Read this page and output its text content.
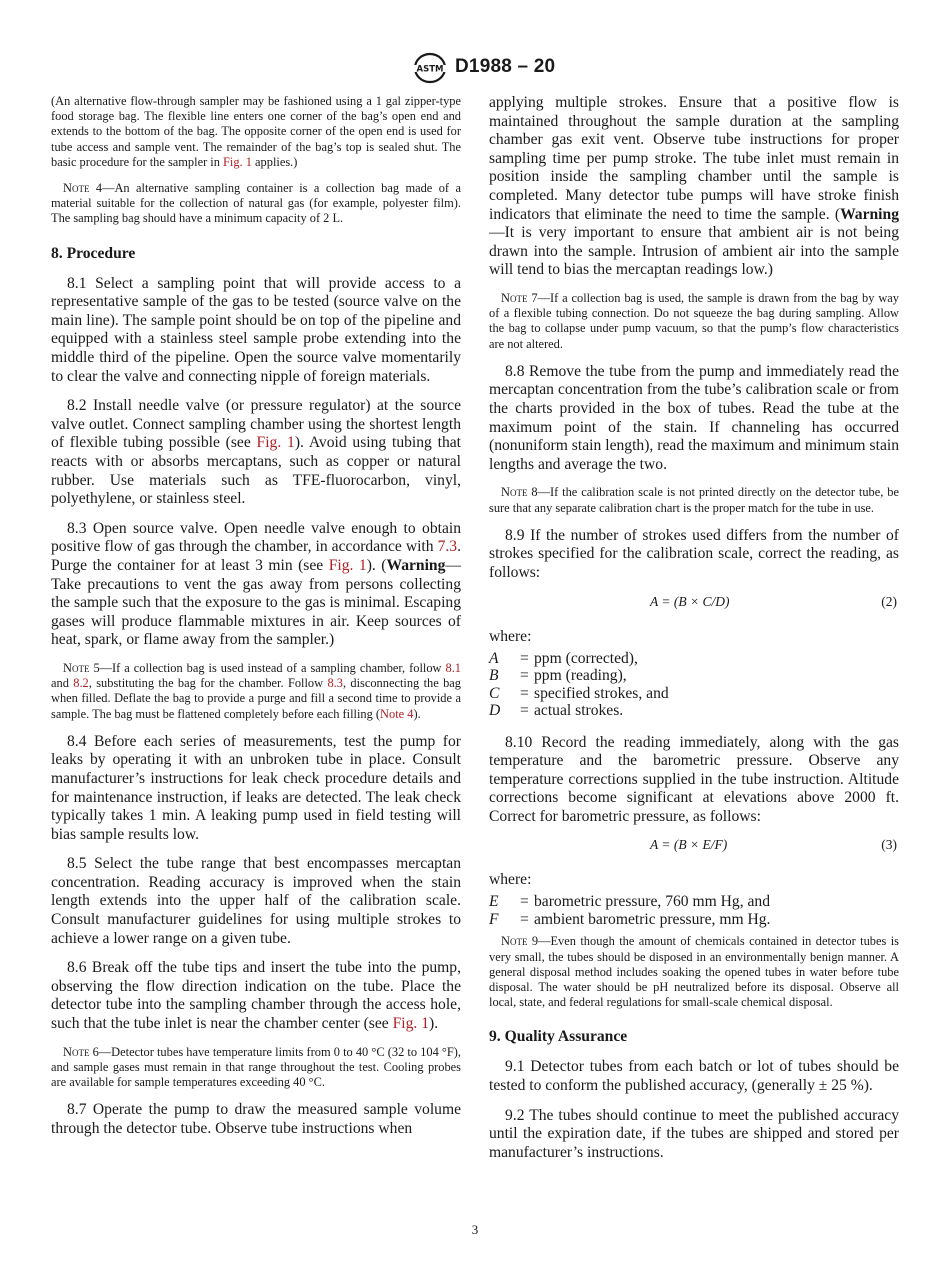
ASTM D1988 – 20

(An alternative flow-through sampler may be fashioned using a 1 gal zipper-type food storage bag. The flexible line enters one corner of the bag’s open end and extends to the bottom of the bag. The opposite corner of the open end is used for tube access and sample vent. The remainder of the bag’s top is sealed shut. The basic procedure for the sampler in Fig. 1 applies.)

Note 4—An alternative sampling container is a collection bag made of a material suitable for the collection of natural gas (for example, polyester film). The sampling bag should have a minimum capacity of 2 L.

8. Procedure

8.1 Select a sampling point that will provide access to a representative sample of the gas to be tested (source valve on the main line). The sample point should be on top of the pipeline and equipped with a stainless steel sample probe extending into the middle third of the pipeline. Open the source valve momentarily to clear the valve and connecting nipple of foreign materials.

8.2 Install needle valve (or pressure regulator) at the source valve outlet. Connect sampling chamber using the shortest length of flexible tubing possible (see Fig. 1). Avoid using tubing that reacts with or absorbs mercaptans, such as copper or natural rubber. Use materials such as TFE-fluorocarbon, vinyl, polyethylene, or stainless steel.

8.3 Open source valve. Open needle valve enough to obtain positive flow of gas through the chamber, in accordance with 7.3. Purge the container for at least 3 min (see Fig. 1). (Warning—Take precautions to vent the gas away from persons collecting the sample such that the exposure to the gas is minimal. Escaping gases will produce flammable mixtures in air. Keep sources of heat, spark, or flame away from the sampler.)

Note 5—If a collection bag is used instead of a sampling chamber, follow 8.1 and 8.2, substituting the bag for the chamber. Follow 8.3, disconnecting the bag when filled. Deflate the bag to provide a purge and fill a second time to provide a sample. The bag must be flattened completely before each filling (Note 4).

8.4 Before each series of measurements, test the pump for leaks by operating it with an unbroken tube in place. Consult manufacturer’s instructions for leak check procedure details and for maintenance instruction, if leaks are detected. The leak check typically takes 1 min. A leaking pump used in field testing will bias sample results low.

8.5 Select the tube range that best encompasses mercaptan concentration. Reading accuracy is improved when the stain length extends into the upper half of the calibration scale. Consult manufacturer guidelines for using multiple strokes to achieve a lower range on a given tube.

8.6 Break off the tube tips and insert the tube into the pump, observing the flow direction indication on the tube. Place the detector tube into the sampling chamber through the access hole, such that the tube inlet is near the chamber center (see Fig. 1).

Note 6—Detector tubes have temperature limits from 0 to 40 °C (32 to 104 °F), and sample gases must remain in that range throughout the test. Cooling probes are available for sample temperatures exceeding 40 °C.

8.7 Operate the pump to draw the measured sample volume through the detector tube. Observe tube instructions when

applying multiple strokes. Ensure that a positive flow is maintained throughout the sample duration at the sampling chamber gas exit vent. Observe tube instructions for proper sampling time per pump stroke. The tube inlet must remain in position inside the sampling chamber until the sample is completed. Many detector tube pumps will have stroke finish indicators that eliminate the need to time the sample. (Warning—It is very important to ensure that ambient air is not being drawn into the sample. Intrusion of ambient air into the sample will tend to bias the mercaptan readings low.)

Note 7—If a collection bag is used, the sample is drawn from the bag by way of a flexible tubing connection. Do not squeeze the bag during sampling. Allow the bag to collapse under pump vacuum, so that the pump’s flow characteristics are not altered.

8.8 Remove the tube from the pump and immediately read the mercaptan concentration from the tube’s calibration scale or from the charts provided in the box of tubes. Read the tube at the maximum point of the stain. If channeling has occurred (nonuniform stain length), read the maximum and minimum stain lengths and average the two.

Note 8—If the calibration scale is not printed directly on the detector tube, be sure that any separate calibration chart is the proper match for the tube in use.

8.9 If the number of strokes used differs from the number of strokes specified for the calibration scale, correct the reading, as follows:

A = (B × C/D)	(2)
where:
A	= ppm (corrected),
B	= ppm (reading),
C	= specified strokes, and
D	= actual strokes.

8.10 Record the reading immediately, along with the gas temperature and the barometric pressure. Observe any temperature corrections supplied in the tube instruction. Altitude corrections become significant at elevations above 2000 ft. Correct for barometric pressure, as follows:

A = (B × E/F)	(3)
where:
E	= barometric pressure, 760 mm Hg, and
F	= ambient barometric pressure, mm Hg.

Note 9—Even though the amount of chemicals contained in detector tubes is very small, the tubes should be disposed in an environmentally benign manner. A general disposal method includes soaking the opened tubes in water before tube disposal. The water should be pH neutralized before its disposal. Observe all local, state, and federal regulations for small-scale chemical disposal.

9. Quality Assurance

9.1 Detector tubes from each batch or lot of tubes should be tested to conform the published accuracy, (generally ± 25 %).

9.2 The tubes should continue to meet the published accuracy until the expiration date, if the tubes are shipped and stored per manufacturer’s instructions.

3
